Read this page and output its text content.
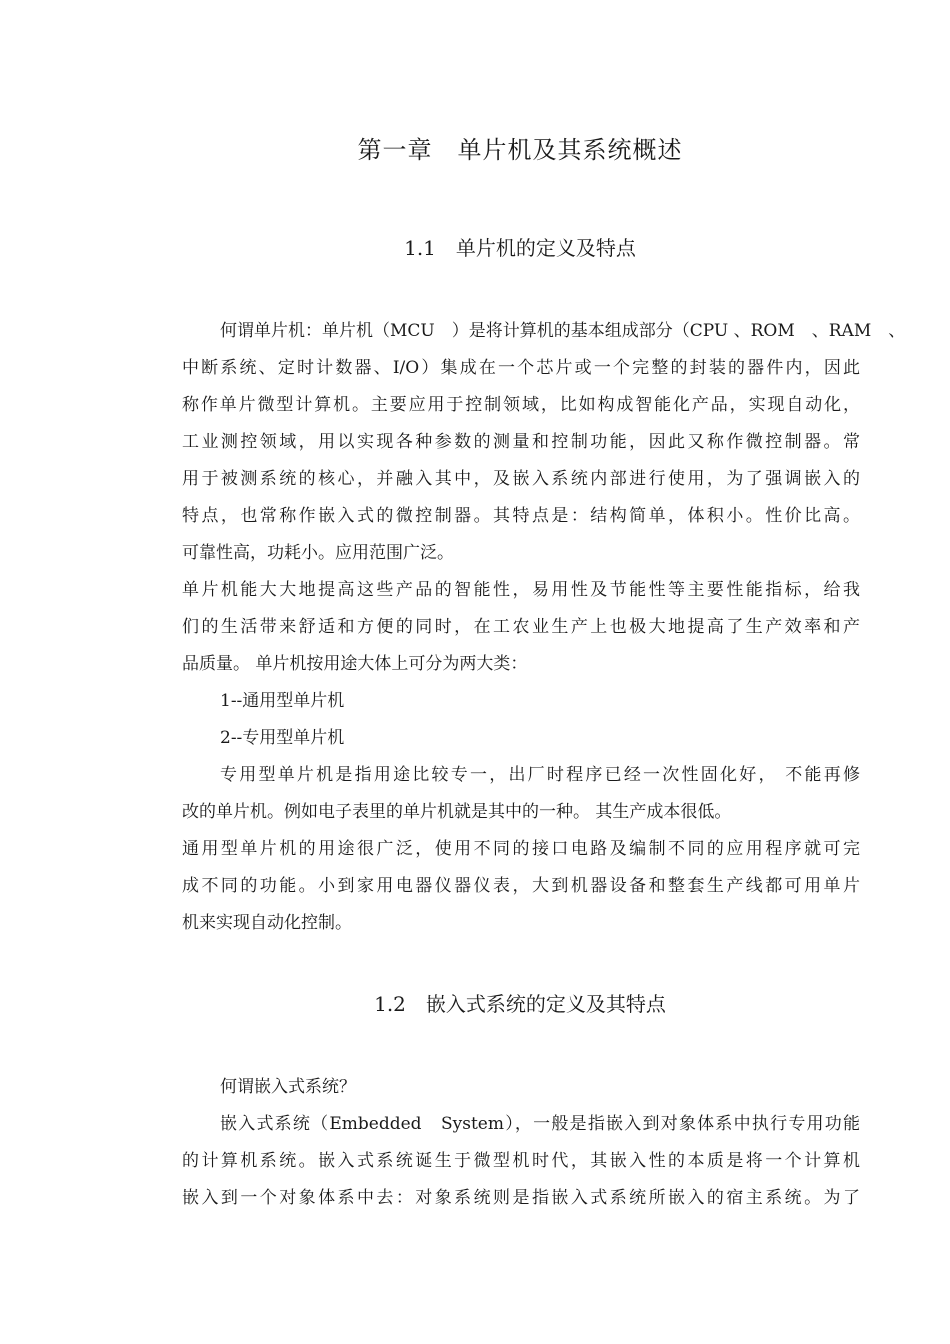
第一章　单片机及其系统概述
1.1　单片机的定义及特点
何谓单片机：单片机（MCU　）是将计算机的基本组成部分（CPU 、ROM　、RAM　、
中断系统、定时计数器、I/O）集成在一个芯片或一个完整的封装的器件内，因此
称作单片微型计算机。主要应用于控制领域，比如构成智能化产品，实现自动化，
工业测控领域，用以实现各种参数的测量和控制功能，因此又称作微控制器。常
用于被测系统的核心，并融入其中，及嵌入系统内部进行使用，为了强调嵌入的
特点，也常称作嵌入式的微控制器。其特点是：结构简单，体积小。性价比高。
可靠性高，功耗小。应用范围广泛。
单片机能大大地提高这些产品的智能性，易用性及节能性等主要性能指标，给我
们的生活带来舒适和方便的同时，在工农业生产上也极大地提高了生产效率和产
品质量。 单片机按用途大体上可分为两大类：
1--通用型单片机
2--专用型单片机
专用型单片机是指用途比较专一，出厂时程序已经一次性固化好， 不能再修
改的单片机。例如电子表里的单片机就是其中的一种。 其生产成本很低。
通用型单片机的用途很广泛，使用不同的接口电路及编制不同的应用程序就可完
成不同的功能。小到家用电器仪器仪表，大到机器设备和整套生产线都可用单片
机来实现自动化控制。
1.2　嵌入式系统的定义及其特点
何谓嵌入式系统？
嵌入式系统（Embedded　System），一般是指嵌入到对象体系中执行专用功能
的计算机系统。嵌入式系统诞生于微型机时代，其嵌入性的本质是将一个计算机
嵌入到一个对象体系中去：对象系统则是指嵌入式系统所嵌入的宿主系统。为了
